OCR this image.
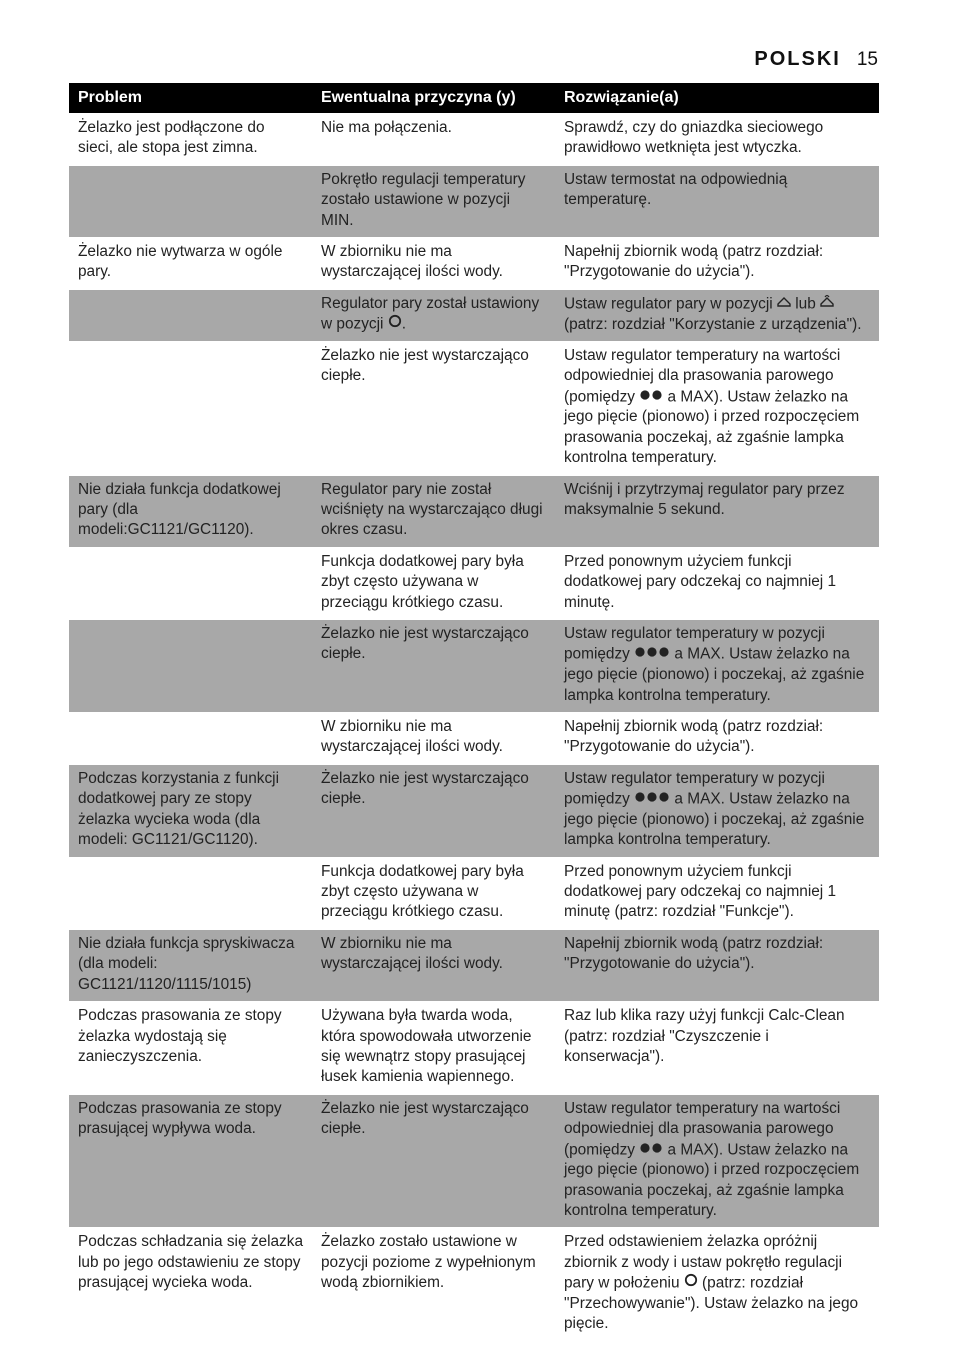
POLSKI 15
Problem	Ewentualna przyczyna (y)	Rozwiązanie(a)
Żelazko jest podłączone do sieci, ale stopa jest zimna.	Nie ma połączenia.	Sprawdź, czy do gniazdka sieciowego prawidłowo wetknięta jest wtyczka.
	Pokrętło regulacji temperatury zostało ustawione w pozycji MIN.	Ustaw termostat na odpowiednią temperaturę.
Żelazko nie wytwarza w ogóle pary.	W zbiorniku nie ma wystarczającej ilości wody.	Napełnij zbiornik wodą (patrz rozdział: "Przygotowanie do użycia").
	Regulator pary został ustawiony w pozycji .	Ustaw regulator pary w pozycji  lub  (patrz: rozdział "Korzystanie z urządzenia").
	Żelazko nie jest wystarczająco ciepłe.	Ustaw regulator temperatury na wartości odpowiedniej dla prasowania parowego (pomiędzy  a MAX). Ustaw żelazko na jego pięcie (pionowo) i przed rozpoczęciem prasowania poczekaj, aż zgaśnie lampka kontrolna temperatury.
Nie działa funkcja dodatkowej pary (dla modeli:GC1121/GC1120).	Regulator pary nie został wciśnięty na wystarczająco długi okres czasu.	Wciśnij i przytrzymaj regulator pary przez maksymalnie 5 sekund.
	Funkcja dodatkowej pary była zbyt często używana w przeciągu krótkiego czasu.	Przed ponownym użyciem funkcji dodatkowej pary odczekaj co najmniej 1 minutę.
	Żelazko nie jest wystarczająco ciepłe.	Ustaw regulator temperatury w pozycji pomiędzy  a MAX. Ustaw żelazko na jego pięcie (pionowo) i poczekaj, aż zgaśnie lampka kontrolna temperatury.
	W zbiorniku nie ma wystarczającej ilości wody.	Napełnij zbiornik wodą (patrz rozdział: "Przygotowanie do użycia").
Podczas korzystania z funkcji dodatkowej pary ze stopy żelazka wycieka woda (dla modeli: GC1121/GC1120).	Żelazko nie jest wystarczająco ciepłe.	Ustaw regulator temperatury w pozycji pomiędzy  a MAX. Ustaw żelazko na jego pięcie (pionowo) i poczekaj, aż zgaśnie lampka kontrolna temperatury.
	Funkcja dodatkowej pary była zbyt często używana w przeciągu krótkiego czasu.	Przed ponownym użyciem funkcji dodatkowej pary odczekaj co najmniej 1 minutę (patrz: rozdział "Funkcje").
Nie działa funkcja spryskiwacza (dla modeli: GC1121/1120/1115/1015)	W zbiorniku nie ma wystarczającej ilości wody.	Napełnij zbiornik wodą (patrz rozdział: "Przygotowanie do użycia").
Podczas prasowania ze stopy żelazka wydostają się zanieczyszczenia.	Używana była twarda woda, która spowodowała utworzenie się wewnątrz stopy prasującej łusek kamienia wapiennego.	Raz lub klika razy użyj funkcji Calc-Clean (patrz: rozdział "Czyszczenie i konserwacja").
Podczas prasowania ze stopy prasującej wypływa woda.	Żelazko nie jest wystarczająco ciepłe.	Ustaw regulator temperatury na wartości odpowiedniej dla prasowania parowego (pomiędzy  a MAX). Ustaw żelazko na jego pięcie (pionowo) i przed rozpoczęciem prasowania poczekaj, aż zgaśnie lampka kontrolna temperatury.
Podczas schładzania się żelazka lub po jego odstawieniu ze stopy prasującej wycieka woda.	Żelazko zostało ustawione w pozycji poziome z wypełnionym wodą zbiornikiem.	Przed odstawieniem żelazka opróżnij zbiornik z wody i ustaw pokrętło regulacji pary w położeniu  (patrz: rozdział "Przechowywanie"). Ustaw żelazko na jego pięcie.
